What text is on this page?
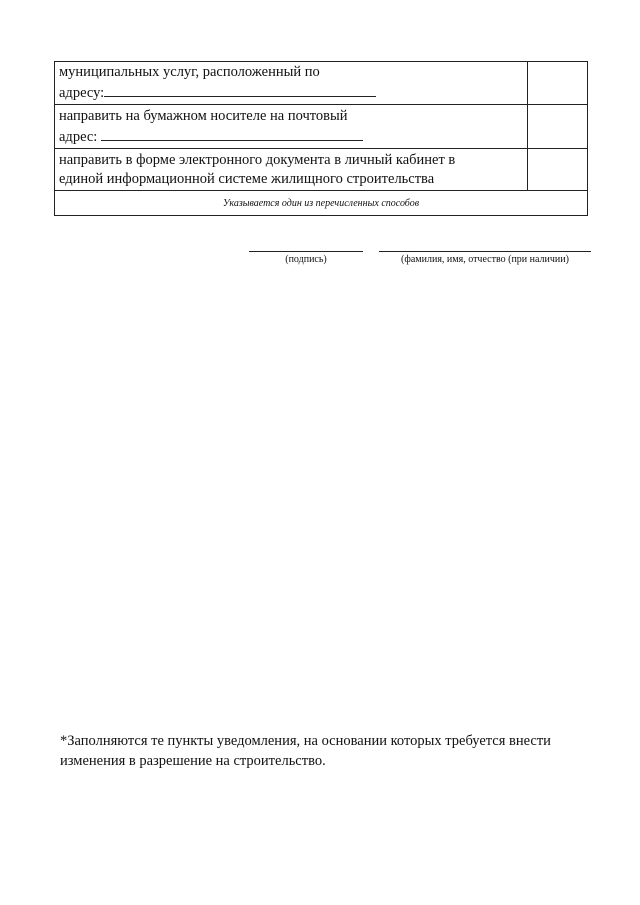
муниципальных услуг, расположенный по
адресу:	

направить на бумажном носителе на почтовый
адрес:	

направить в форме электронного документа в личный кабинет в
единой информационной системе жилищного строительства	

Указывается один из перечисленных способов	
(подпись)	(фамилия, имя, отчество (при наличии)
*Заполняются те пункты уведомления, на основании которых требуется внести
изменения в разрешение на строительство.
